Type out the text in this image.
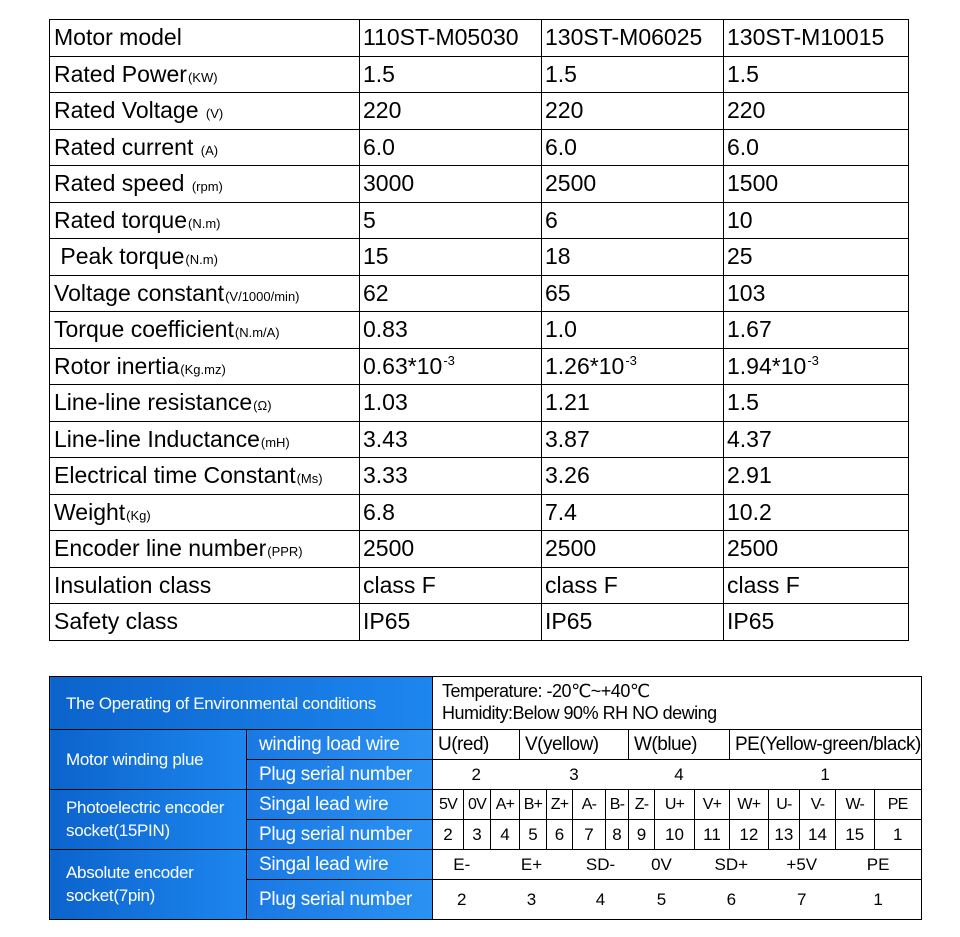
Motor model	110ST-M05030	130ST-M06025	130ST-M10015
Rated Power(KW)	1.5	1.5	1.5
Rated Voltage (V)	220	220	220
Rated current (A)	6.0	6.0	6.0
Rated speed (rpm)	3000	2500	1500
Rated torque(N.m)	5	6	10
Peak torque(N.m)	15	18	25
Voltage constant(V/1000/min)	62	65	103
Torque coefficient(N.m/A)	0.83	1.0	1.67
Rotor inertia(Kg.mz)	$0.63*10^{-3}$	$1.26*10^{-3}$	$1.94*10^{-3}$
Line-line resistance(Ω)	1.03	1.21	1.5
Line-line Inductance(mH)	3.43	3.87	4.37
Electrical time Constant(Ms)	3.33	3.26	2.91
Weight(Kg)	6.8	7.4	10.2
Encoder line number(PPR)	2500	2500	2500
Insulation class	class F	class F	class F
Safety class	IP65	IP65	IP65
The Operating of Environmental conditions		Temperature: -20℃~+40℃
Humidity:Below 90% RH NO dewing														

Motor winding plue	winding load wire	U(red)			V(yellow)				W(blue)			PE(Yellow-green/black)				
	Plug serial number	2			3				4			1				
Photoelectric encoder socket(15PIN)	Singal lead wire	5V	0V	A+	B+	Z+	A-	B-	Z-	U+	V+	W+	U-	V-	W-	PE
	Plug serial number	2	3	4	5	6	7	8	9	10	11	12	13	14	15	1
Absolute encoder socket(7pin)	Singal lead wire	E-		E+			SD-		0V		SD+		+5V		PE	
	Plug serial number	2		3			4		5		6		7		1	
